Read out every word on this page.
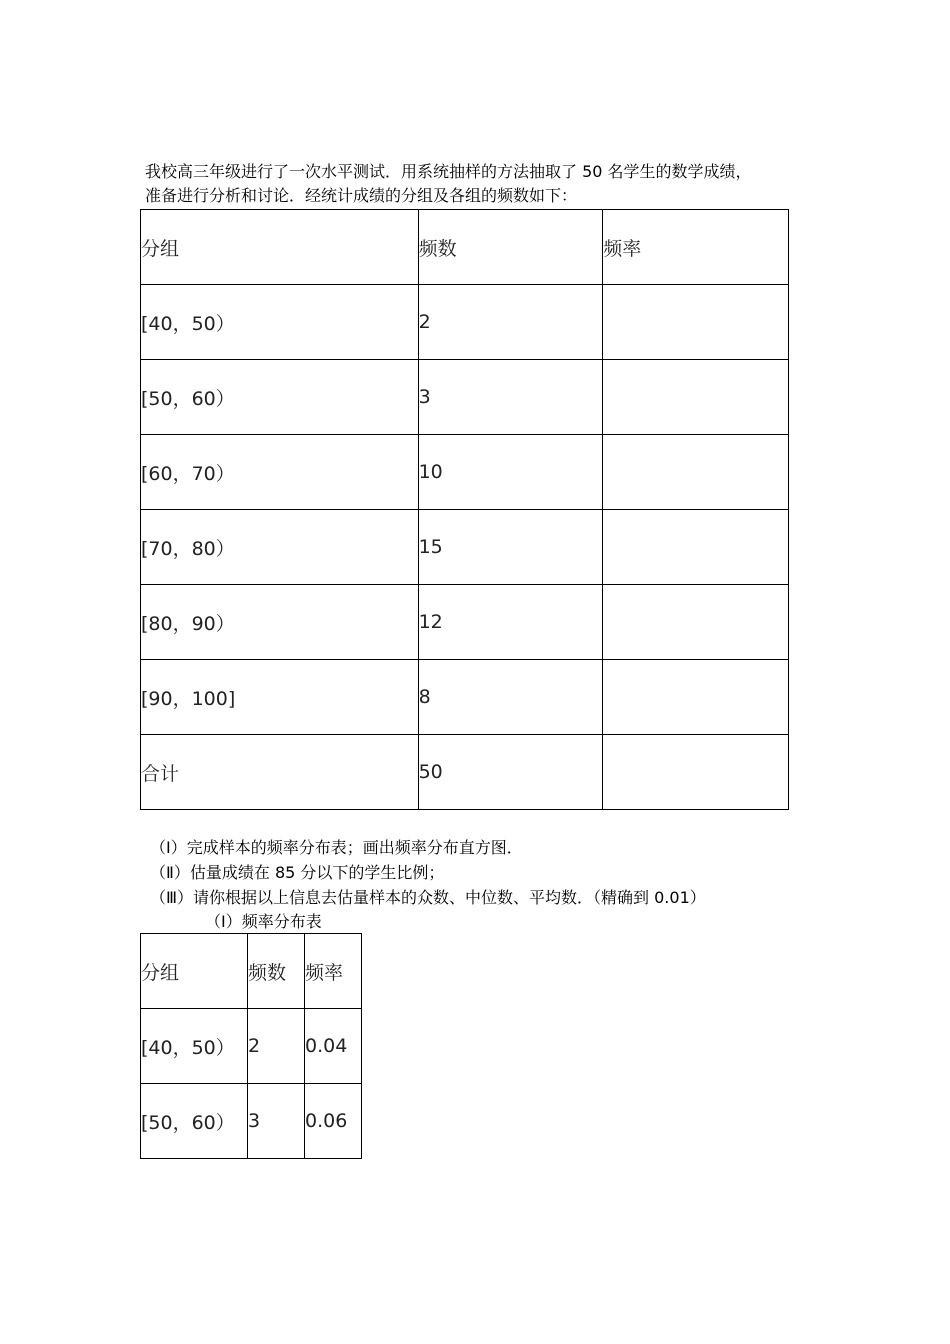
我校高三年级进行了一次水平测试．用系统抽样的方法抽取了 50 名学生的数学成绩，
准备进行分析和讨论．经统计成绩的分组及各组的频数如下：
分组	频数	频率
[40，50）	2	
[50，60）	3	
[60，70）	10	
[70，80）	15	
[80，90）	12	
[90，100]	8	
合计	50	
（Ⅰ）完成样本的频率分布表；画出频率分布直方图．
（Ⅱ）估量成绩在 85 分以下的学生比例；
（Ⅲ）请你根据以上信息去估量样本的众数、中位数、平均数．（精确到 0.01）
（Ⅰ）频率分布表
分组	频数	频率
[40，50）	2	0.04
[50，60）	3	0.06
